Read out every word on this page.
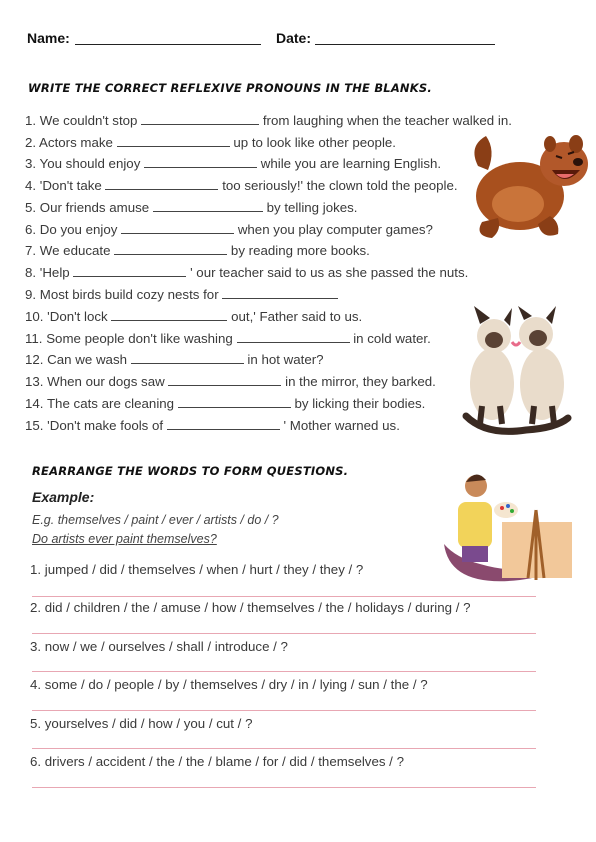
Name:	Date:
WRITE THE CORRECT REFLEXIVE PRONOUNS IN THE BLANKS.
1. We couldn't stop	from laughing when the teacher walked in.
2. Actors make	up to look like other people.
3. You should enjoy	while you are learning English.
4. 'Don't take	too seriously!' the clown told the people.
5. Our friends amuse	by telling jokes.
6. Do you enjoy	when you play computer games?
7. We educate	by reading more books.
8. 'Help	' our teacher said to us as she passed the nuts.
9. Most birds build cozy nests for
10. 'Don't lock	out,' Father said to us.
11. Some people don't like washing	in cold water.
12. Can we wash	in hot water?
13. When our dogs saw	in the mirror, they barked.
14. The cats are cleaning	by licking their bodies.
15. 'Don't make fools of	' Mother warned us.
REARRANGE THE WORDS TO FORM QUESTIONS.
Example:
E.g. themselves / paint / ever / artists / do / ?
Do artists ever paint themselves?
1. jumped / did / themselves / when / hurt / they / they / ?
2. did / children / the / amuse / how / themselves / the / holidays / during / ?
3. now / we / ourselves / shall / introduce / ?
4. some / do / people / by / themselves / dry / in / lying / sun / the / ?
5. yourselves / did / how / you / cut / ?
6. drivers / accident / the / the / blame / for / did / themselves / ?
